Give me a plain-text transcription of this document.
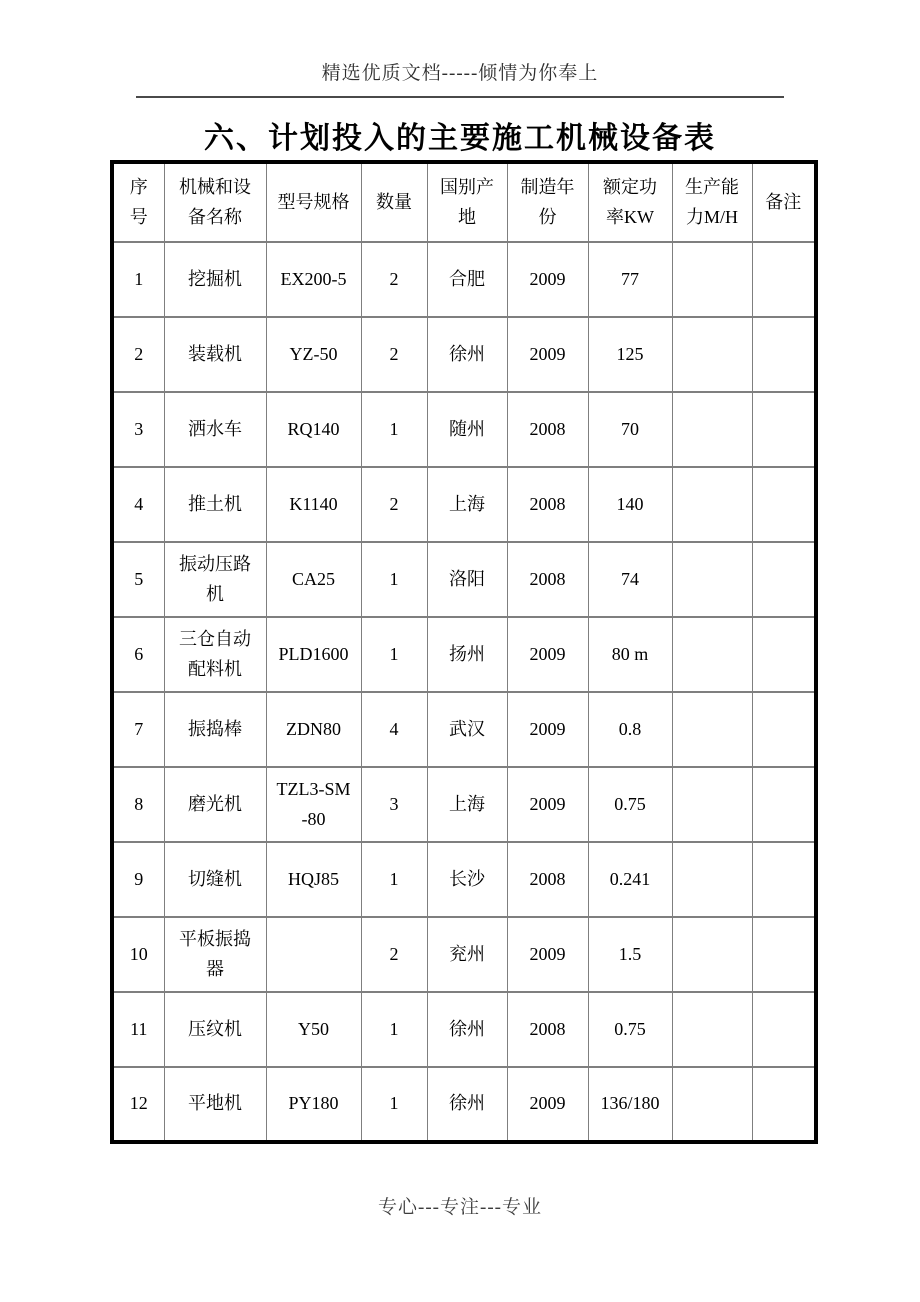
精选优质文档-----倾情为你奉上
六、计划投入的主要施工机械设备表
序号	机械和设备名称	型号规格	数量	国别产地	制造年份	额定功率KW	生产能力M/H	备注
1	挖掘机	EX200-5	2	合肥	2009	77		
2	装载机	YZ-50	2	徐州	2009	125		
3	洒水车	RQ140	1	随州	2008	70		
4	推土机	K1140	2	上海	2008	140		
5	振动压路机	CA25	1	洛阳	2008	74		
6	三仓自动配料机	PLD1600	1	扬州	2009	80 m		
7	振捣棒	ZDN80	4	武汉	2009	0.8		
8	磨光机	TZL3-SM-80	3	上海	2009	0.75		
9	切缝机	HQJ85	1	长沙	2008	0.241		
10	平板振捣器		2	兖州	2009	1.5		
11	压纹机	Y50	1	徐州	2008	0.75		
12	平地机	PY180	1	徐州	2009	136/180		
专心---专注---专业
